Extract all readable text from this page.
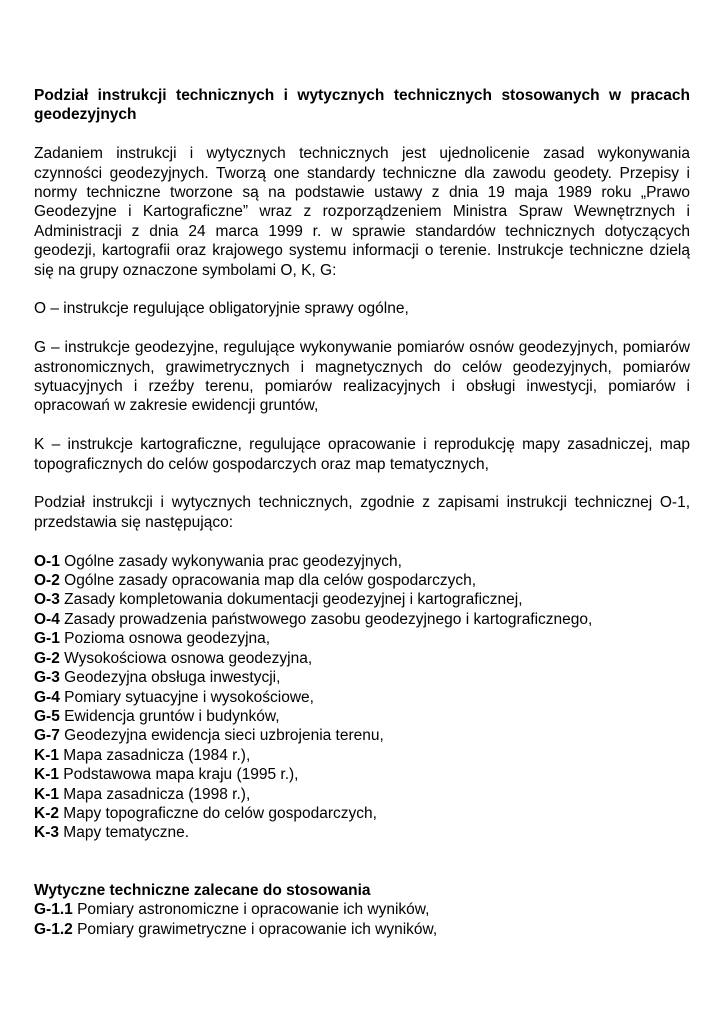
Podział instrukcji technicznych i wytycznych technicznych stosowanych w pracach geodezyjnych

Zadaniem instrukcji i wytycznych technicznych jest ujednolicenie zasad wykonywania czynności geodezyjnych. Tworzą one standardy techniczne dla zawodu geodety. Przepisy i normy techniczne tworzone są na podstawie ustawy z dnia 19 maja 1989 roku „Prawo Geodezyjne i Kartograficzne” wraz z rozporządzeniem Ministra Spraw Wewnętrznych i Administracji z dnia 24 marca 1999 r. w sprawie standardów technicznych dotyczących geodezji, kartografii oraz krajowego systemu informacji o terenie. Instrukcje techniczne dzielą się na grupy oznaczone symbolami O, K, G:

O – instrukcje regulujące obligatoryjnie sprawy ogólne,

G – instrukcje geodezyjne, regulujące wykonywanie pomiarów osnów geodezyjnych, pomiarów astronomicznych, grawimetrycznych i magnetycznych do celów geodezyjnych, pomiarów sytuacyjnych i rzeźby terenu, pomiarów realizacyjnych i obsługi inwestycji, pomiarów i opracowań w zakresie ewidencji gruntów,

K – instrukcje kartograficzne, regulujące opracowanie i reprodukcję mapy zasadniczej, map topograficznych do celów gospodarczych oraz map tematycznych,

Podział instrukcji i wytycznych technicznych, zgodnie z zapisami instrukcji technicznej O-1, przedstawia się następująco:

O-1 Ogólne zasady wykonywania prac geodezyjnych,
O-2 Ogólne zasady opracowania map dla celów gospodarczych,
O-3 Zasady kompletowania dokumentacji geodezyjnej i kartograficznej,
O-4 Zasady prowadzenia państwowego zasobu geodezyjnego i kartograficznego,
G-1 Pozioma osnowa geodezyjna,
G-2 Wysokościowa osnowa geodezyjna,
G-3 Geodezyjna obsługa inwestycji,
G-4 Pomiary sytuacyjne i wysokościowe,
G-5 Ewidencja gruntów i budynków,
G-7 Geodezyjna ewidencja sieci uzbrojenia terenu,
K-1 Mapa zasadnicza (1984 r.),
K-1 Podstawowa mapa kraju (1995 r.),
K-1 Mapa zasadnicza (1998 r.),
K-2 Mapy topograficzne do celów gospodarczych,
K-3 Mapy tematyczne.
Wytyczne techniczne zalecane do stosowania
G-1.1 Pomiary astronomiczne i opracowanie ich wyników,
G-1.2 Pomiary grawimetryczne i opracowanie ich wyników,
